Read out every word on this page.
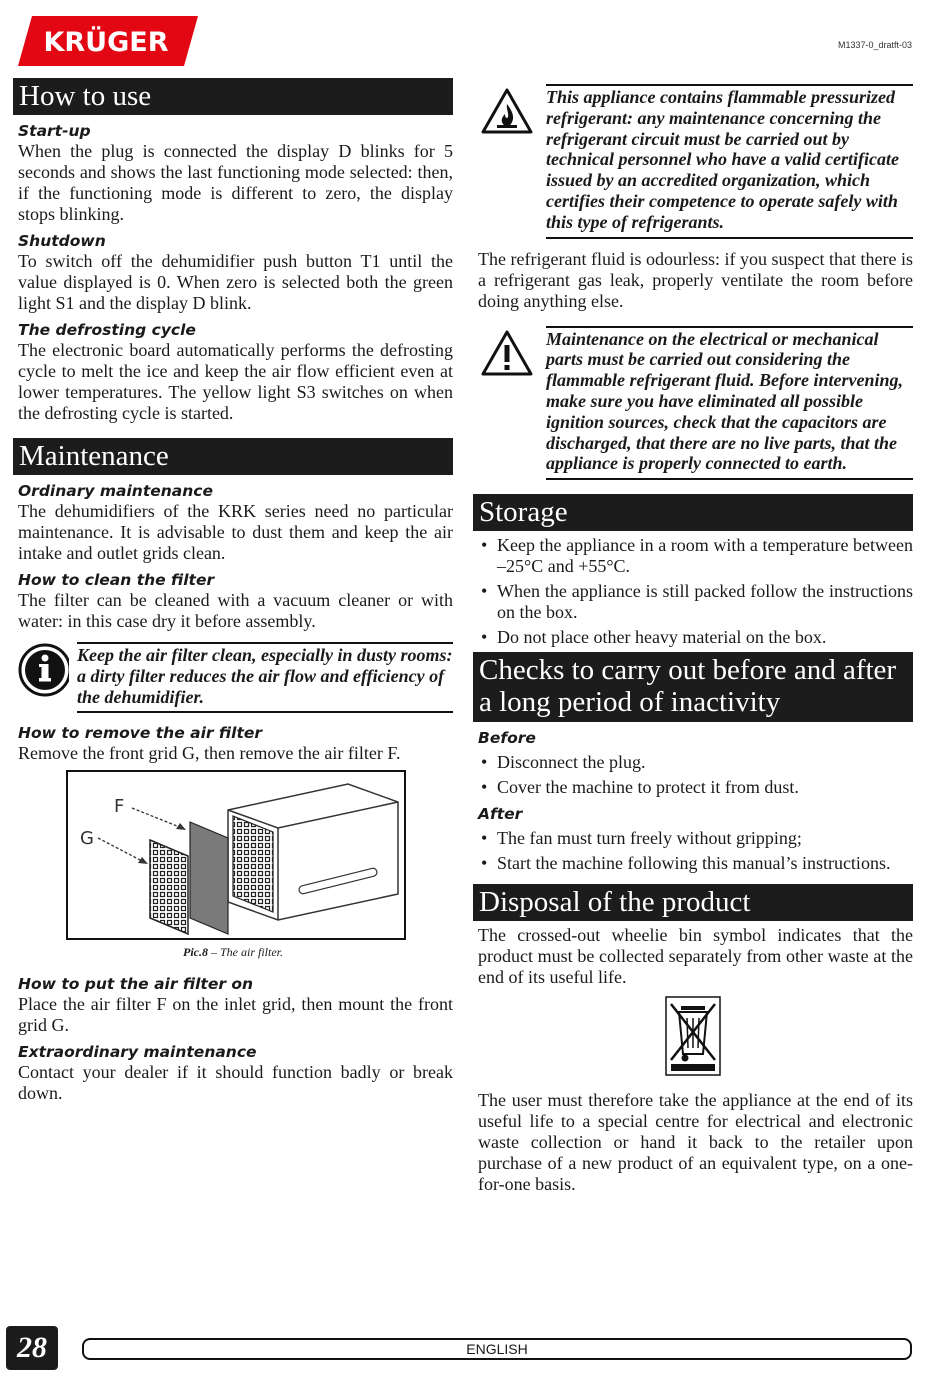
KRÜGER	M1337-0_dratft-03
How to use
Start-up
When the plug is connected the display D blinks for 5 seconds and shows the last functioning mode selected: then, if the functioning mode is different to zero, the display stops blinking.
Shutdown
To switch off the dehumidifier push button T1 until the value displayed is 0. When zero is selected both the green light S1 and the display D blink.
The defrosting cycle
The electronic board automatically performs the defrosting cycle to melt the ice and keep the air flow efficient even at lower temperatures. The yellow light S3 switches on when the defrosting cycle is started.
Maintenance
Ordinary maintenance
The dehumidifiers of the KRK series need no particular maintenance. It is advisable to dust them and keep the air intake and outlet grids clean.
How to clean the filter
The filter can be cleaned with a vacuum cleaner or with water: in this case dry it before assembly.
Keep the air filter clean, especially in dusty rooms: a dirty filter reduces the air flow and efficiency of the dehumidifier.
How to remove the air filter
Remove the front grid G, then remove the air filter F.
F
G
Pic.8 – The air filter.
How to put the air filter on
Place the air filter F on the inlet grid, then mount the front grid G.
Extraordinary maintenance
Contact your dealer if it should function badly or break down.
This appliance contains flammable pressurized refrigerant: any maintenance concerning the refrigerant circuit must be carried out by technical personnel who have a valid certificate issued by an accredited organization, which certifies their competence to operate safely with this type of refrigerants.
The refrigerant fluid is odourless: if you suspect that there is a refrigerant gas leak, properly ventilate the room before doing anything else.
Maintenance on the electrical or mechanical parts must be carried out considering the flammable refrigerant fluid. Before intervening, make sure you have eliminated all possible ignition sources, check that the capacitors are discharged, that there are no live parts, that the appliance is properly connected to earth.
Storage
• Keep the appliance in a room with a temperature between –25°C and +55°C.
• When the appliance is still packed follow the instructions on the box.
• Do not place other heavy material on the box.
Checks to carry out before and after a long period of inactivity
Before
• Disconnect the plug.
• Cover the machine to protect it from dust.
After
• The fan must turn freely without gripping;
• Start the machine following this manual’s instructions.
Disposal of the product
The crossed-out wheelie bin symbol indicates that the product must be collected separately from other waste at the end of its useful life.
The user must therefore take the appliance at the end of its useful life to a special centre for electrical and electronic waste collection or hand it back to the retailer upon purchase of a new product of an equivalent type, on a one-for-one basis.
28	ENGLISH
